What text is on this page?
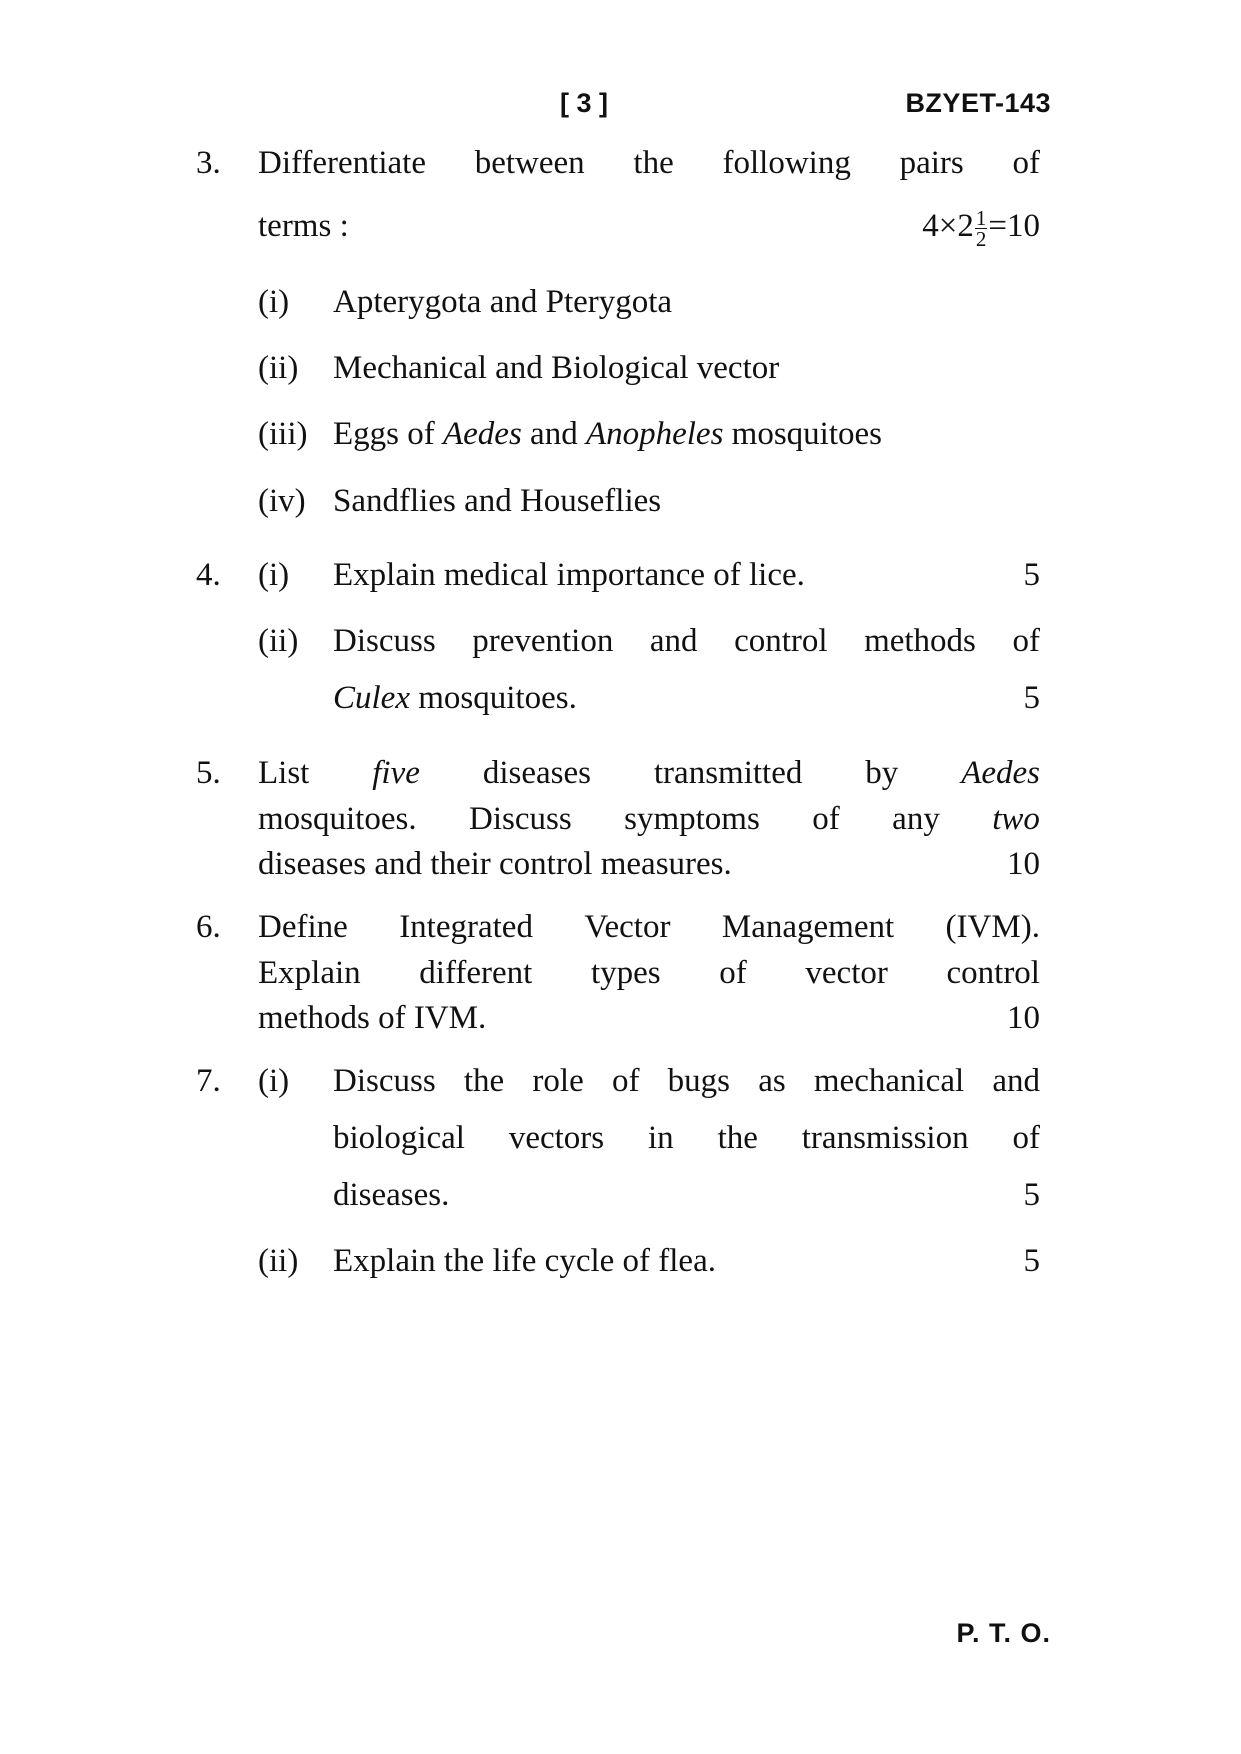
[ 3 ]	BZYET-143
3. Differentiate between the following pairs of
terms :	$4\times 2 \frac{1}{2} =10$
(i) Apterygota and Pterygota
(ii) Mechanical and Biological vector
(iii) Eggs of Aedes and Anopheles mosquitoes
(iv) Sandflies and Houseflies
4. (i) Explain medical importance of lice.	5
(ii) Discuss prevention and control methods of
Culex mosquitoes.	5
5. List five diseases transmitted by Aedes
mosquitoes. Discuss symptoms of any two
diseases and their control measures.	10
6. Define Integrated Vector Management (IVM).
Explain different types of vector control
methods of IVM.	10
7. (i) Discuss the role of bugs as mechanical and
biological vectors in the transmission of
diseases.	5
(ii) Explain the life cycle of flea.	5
P. T. O.
